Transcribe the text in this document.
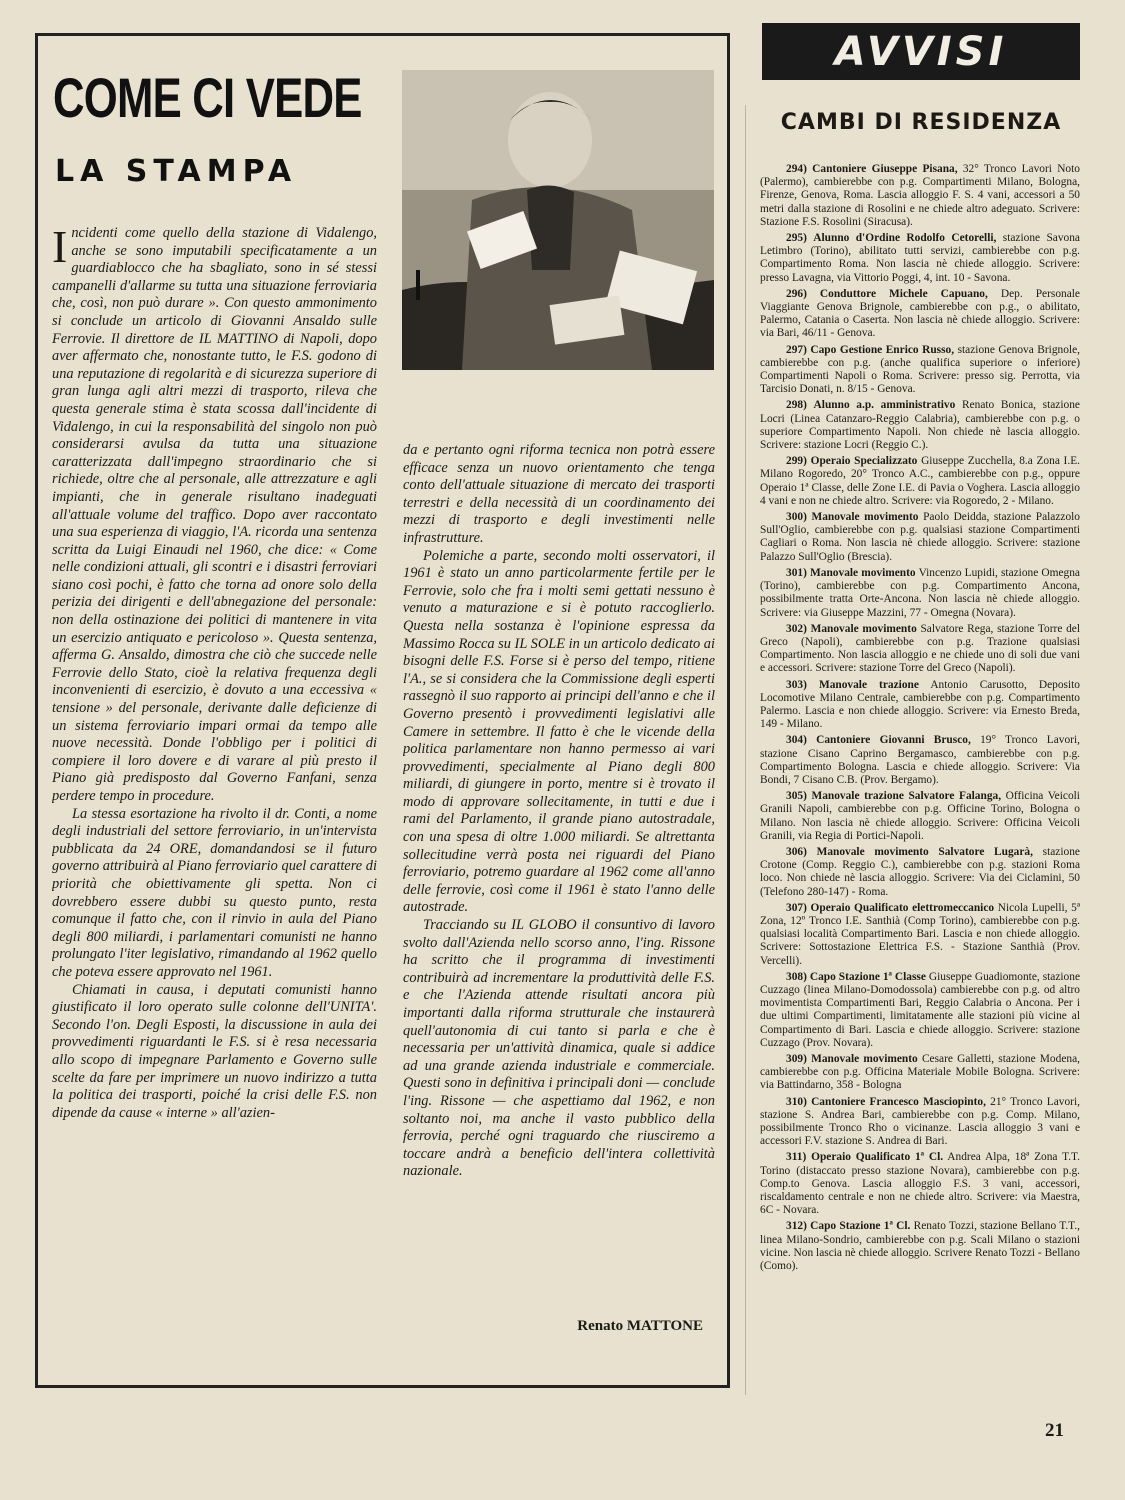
COME CI VEDE
LA STAMPA

Incidenti come quello della stazione di Vidalengo, anche se sono imputabili specificatamente a un guardiablocco che ha sbagliato, sono in sé stessi campanelli d'allarme su tutta una situazione ferroviaria che, così, non può durare ». Con questo ammonimento si conclude un articolo di Giovanni Ansaldo sulle Ferrovie. Il direttore de IL MATTINO di Napoli, dopo aver affermato che, nonostante tutto, le F.S. godono di una reputazione di regolarità e di sicurezza superiore di gran lunga agli altri mezzi di trasporto, rileva che questa generale stima è stata scossa dall'incidente di Vidalengo, in cui la responsabilità del singolo non può considerarsi avulsa da tutta una situazione caratterizzata dall'impegno straordinario che si richiede, oltre che al personale, alle attrezzature e agli impianti, che in generale risultano inadeguati all'attuale volume del traffico. Dopo aver raccontato una sua esperienza di viaggio, l'A. ricorda una sentenza scritta da Luigi Einaudi nel 1960, che dice: « Come nelle condizioni attuali, gli scontri e i disastri ferroviari siano così pochi, è fatto che torna ad onore solo della perizia dei dirigenti e dell'abnegazione del personale: non della ostinazione dei politici di mantenere in vita un esercizio antiquato e pericoloso ». Questa sentenza, afferma G. Ansaldo, dimostra che ciò che succede nelle Ferrovie dello Stato, cioè la relativa frequenza degli inconvenienti di esercizio, è dovuto a una eccessiva « tensione » del personale, derivante dalle deficienze di un sistema ferroviario impari ormai da tempo alle nuove necessità. Donde l'obbligo per i politici di compiere il loro dovere e di varare al più presto il Piano già predisposto dal Governo Fanfani, senza perdere tempo in procedure.

La stessa esortazione ha rivolto il dr. Conti, a nome degli industriali del settore ferroviario, in un'intervista pubblicata da 24 ORE, domandandosi se il futuro governo attribuirà al Piano ferroviario quel carattere di priorità che obiettivamente gli spetta. Non ci dovrebbero essere dubbi su questo punto, resta comunque il fatto che, con il rinvio in aula del Piano degli 800 miliardi, i parlamentari comunisti ne hanno prolungato l'iter legislativo, rimandando al 1962 quello che poteva essere approvato nel 1961.

Chiamati in causa, i deputati comunisti hanno giustificato il loro operato sulle colonne dell'UNITA'. Secondo l'on. Degli Esposti, la discussione in aula dei provvedimenti riguardanti le F.S. si è resa necessaria allo scopo di impegnare Parlamento e Governo sulle scelte da fare per imprimere un nuovo indirizzo a tutta la politica dei trasporti, poiché la crisi delle F.S. non dipende da cause « interne » all'azien-

da e pertanto ogni riforma tecnica non potrà essere efficace senza un nuovo orientamento che tenga conto dell'attuale situazione di mercato dei trasporti terrestri e della necessità di un coordinamento dei mezzi di trasporto e degli investimenti nelle infrastrutture.

Polemiche a parte, secondo molti osservatori, il 1961 è stato un anno particolarmente fertile per le Ferrovie, solo che fra i molti semi gettati nessuno è venuto a maturazione e si è potuto raccoglierlo. Questa nella sostanza è l'opinione espressa da Massimo Rocca su IL SOLE in un articolo dedicato ai bisogni delle F.S. Forse si è perso del tempo, ritiene l'A., se si considera che la Commissione degli esperti rassegnò il suo rapporto ai principi dell'anno e che il Governo presentò i provvedimenti legislativi alle Camere in settembre. Il fatto è che le vicende della politica parlamentare non hanno permesso ai vari provvedimenti, specialmente al Piano degli 800 miliardi, di giungere in porto, mentre si è trovato il modo di approvare sollecitamente, in tutti e due i rami del Parlamento, il grande piano autostradale, con una spesa di oltre 1.000 miliardi. Se altrettanta sollecitudine verrà posta nei riguardi del Piano ferroviario, potremo guardare al 1962 come all'anno delle ferrovie, così come il 1961 è stato l'anno delle autostrade.

Tracciando su IL GLOBO il consuntivo di lavoro svolto dall'Azienda nello scorso anno, l'ing. Rissone ha scritto che il programma di investimenti contribuirà ad incrementare la produttività delle F.S. e che l'Azienda attende risultati ancora più importanti dalla riforma strutturale che instaurerà quell'autonomia di cui tanto si parla e che è necessaria per un'attività dinamica, quale si addice ad una grande azienda industriale e commerciale. Questi sono in definitiva i principali doni — conclude l'ing. Rissone — che aspettiamo dal 1962, e non soltanto noi, ma anche il vasto pubblico della ferrovia, perché ogni traguardo che riusciremo a toccare andrà a beneficio dell'intera collettività nazionale.

Renato MATTONE
AVVISI
CAMBI DI RESIDENZA

294) Cantoniere Giuseppe Pisana, 32° Tronco Lavori Noto (Palermo), cambierebbe con p.g. Compartimenti Milano, Bologna, Firenze, Genova, Roma. Lascia alloggio F. S. 4 vani, accessori a 50 metri dalla stazione di Rosolini e ne chiede altro adeguato. Scrivere: Stazione F.S. Rosolini (Siracusa).

295) Alunno d'Ordine Rodolfo Cetorelli, stazione Savona Letimbro (Torino), abilitato tutti servizi, cambierebbe con p.g. Compartimento Roma. Non lascia nè chiede alloggio. Scrivere: presso Lavagna, via Vittorio Poggi, 4, int. 10 - Savona.

296) Conduttore Michele Capuano, Dep. Personale Viaggiante Genova Brignole, cambierebbe con p.g., o abilitato, Palermo, Catania o Caserta. Non lascia nè chiede alloggio. Scrivere: via Bari, 46/11 - Genova.

297) Capo Gestione Enrico Russo, stazione Genova Brignole, cambierebbe con p.g. (anche qualifica superiore o inferiore) Compartimenti Napoli o Roma. Scrivere: presso sig. Perrotta, via Tarcisio Donati, n. 8/15 - Genova.

298) Alunno a.p. amministrativo Renato Bonica, stazione Locri (Linea Catanzaro-Reggio Calabria), cambierebbe con p.g. o superiore Compartimento Napoli. Non chiede nè lascia alloggio. Scrivere: stazione Locri (Reggio C.).

299) Operaio Specializzato Giuseppe Zucchella, 8.a Zona I.E. Milano Rogoredo, 20° Tronco A.C., cambierebbe con p.g., oppure Operaio 1ª Classe, delle Zone I.E. di Pavia o Voghera. Lascia alloggio 4 vani e non ne chiede altro. Scrivere: via Rogoredo, 2 - Milano.

300) Manovale movimento Paolo Deidda, stazione Palazzolo Sull'Oglio, cambierebbe con p.g. qualsiasi stazione Compartimenti Cagliari o Roma. Non lascia nè chiede alloggio. Scrivere: stazione Palazzo Sull'Oglio (Brescia).

301) Manovale movimento Vincenzo Lupidi, stazione Omegna (Torino), cambierebbe con p.g. Compartimento Ancona, possibilmente tratta Orte-Ancona. Non lascia nè chiede alloggio. Scrivere: via Giuseppe Mazzini, 77 - Omegna (Novara).

302) Manovale movimento Salvatore Rega, stazione Torre del Greco (Napoli), cambierebbe con p.g. Trazione qualsiasi Compartimento. Non lascia alloggio e ne chiede uno di soli due vani e accessori. Scrivere: stazione Torre del Greco (Napoli).

303) Manovale trazione Antonio Carusotto, Deposito Locomotive Milano Centrale, cambierebbe con p.g. Compartimento Palermo. Lascia e non chiede alloggio. Scrivere: via Ernesto Breda, 149 - Milano.

304) Cantoniere Giovanni Brusco, 19° Tronco Lavori, stazione Cisano Caprino Bergamasco, cambierebbe con p.g. Compartimento Bologna. Lascia e chiede alloggio. Scrivere: Via Bondi, 7 Cisano C.B. (Prov. Bergamo).

305) Manovale trazione Salvatore Falanga, Officina Veicoli Granili Napoli, cambierebbe con p.g. Officine Torino, Bologna o Milano. Non lascia nè chiede alloggio. Scrivere: Officina Veicoli Granili, via Regia di Portici-Napoli.

306) Manovale movimento Salvatore Lugarà, stazione Crotone (Comp. Reggio C.), cambierebbe con p.g. stazioni Roma loco. Non chiede nè lascia alloggio. Scrivere: Via dei Ciclamini, 50 (Telefono 280-147) - Roma.

307) Operaio Qualificato elettromeccanico Nicola Lupelli, 5ª Zona, 12º Tronco I.E. Santhià (Comp Torino), cambierebbe con p.g. qualsiasi località Compartimento Bari. Lascia e non chiede alloggio. Scrivere: Sottostazione Elettrica F.S. - Stazione Santhià (Prov. Vercelli).

308) Capo Stazione 1ª Classe Giuseppe Guadiomonte, stazione Cuzzago (linea Milano-Domodossola) cambierebbe con p.g. od altro movimentista Compartimenti Bari, Reggio Calabria o Ancona. Per i due ultimi Compartimenti, limitatamente alle stazioni più vicine al Compartimento di Bari. Lascia e chiede alloggio. Scrivere: stazione Cuzzago (Prov. Novara).

309) Manovale movimento Cesare Galletti, stazione Modena, cambierebbe con p.g. Officina Materiale Mobile Bologna. Scrivere: via Battindarno, 358 - Bologna

310) Cantoniere Francesco Masciopinto, 21° Tronco Lavori, stazione S. Andrea Bari, cambierebbe con p.g. Comp. Milano, possibilmente Tronco Rho o vicinanze. Lascia alloggio 3 vani e accessori F.V. stazione S. Andrea di Bari.

311) Operaio Qualificato 1ª Cl. Andrea Alpa, 18ª Zona T.T. Torino (distaccato presso stazione Novara), cambierebbe con p.g. Comp.to Genova. Lascia alloggio F.S. 3 vani, accessori, riscaldamento centrale e non ne chiede altro. Scrivere: via Maestra, 6C - Novara.

312) Capo Stazione 1ª Cl. Renato Tozzi, stazione Bellano T.T., linea Milano-Sondrio, cambierebbe con p.g. Scali Milano o stazioni vicine. Non lascia nè chiede alloggio. Scrivere Renato Tozzi - Bellano (Como).

21
